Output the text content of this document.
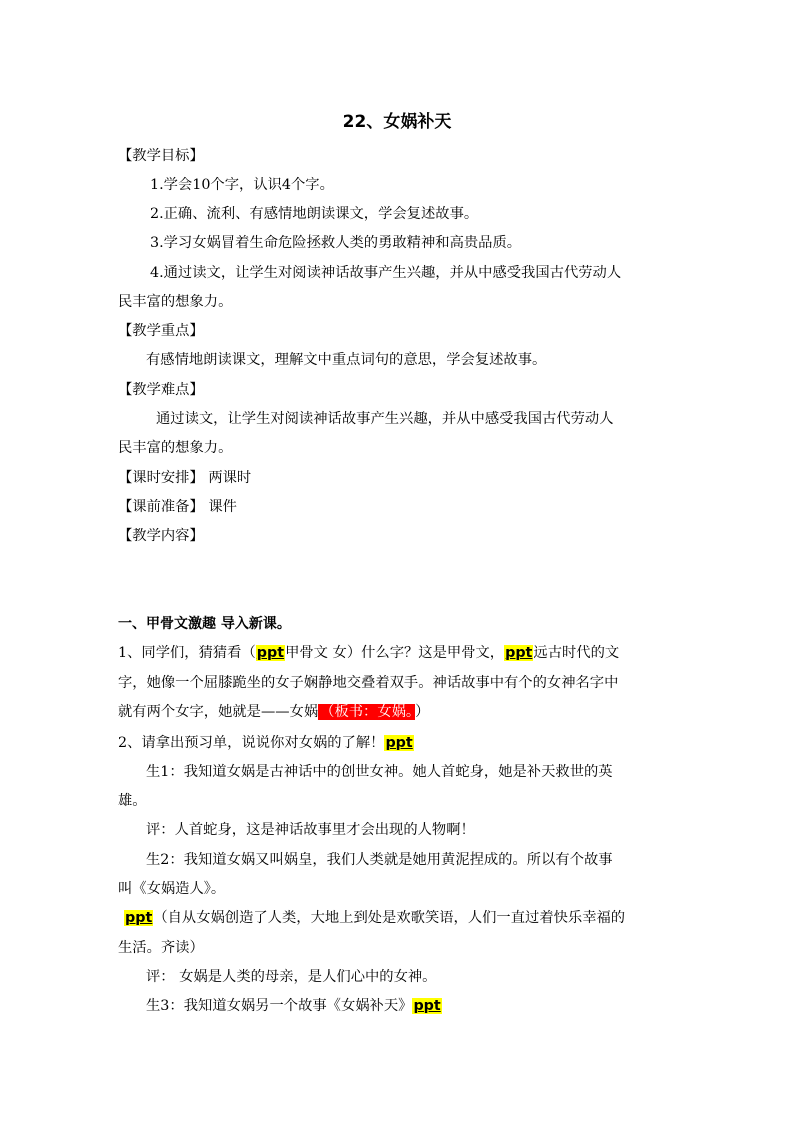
22、女娲补天
【教学目标】
1.学会10个字，认识4个字。
2.正确、流利、有感情地朗读课文，学会复述故事。
3.学习女娲冒着生命危险拯救人类的勇敢精神和高贵品质。
4.通过读文，让学生对阅读神话故事产生兴趣，并从中感受我国古代劳动人
民丰富的想象力。
【教学重点】
有感情地朗读课文，理解文中重点词句的意思，学会复述故事。
【教学难点】
通过读文，让学生对阅读神话故事产生兴趣，并从中感受我国古代劳动人
民丰富的想象力。
【课时安排】 两课时
【课前准备】 课件
【教学内容】
一、甲骨文激趣 导入新课。
1、同学们，猜猜看（ppt甲骨文 女）什么字？这是甲骨文，ppt远古时代的文
字，她像一个屈膝跪坐的女子娴静地交叠着双手。神话故事中有个的女神名字中
就有两个女字，她就是——女娲 （板书：女娲。 ）
2、请拿出预习单，说说你对女娲的了解！ppt
生1：我知道女娲是古神话中的创世女神。她人首蛇身，她是补天救世的英
雄。
评：人首蛇身，这是神话故事里才会出现的人物啊！
生2：我知道女娲又叫娲皇，我们人类就是她用黄泥捏成的。所以有个故事
叫《女娲造人》。
ppt（自从女娲创造了人类，大地上到处是欢歌笑语，人们一直过着快乐幸福的
生活。齐读）
评： 女娲是人类的母亲，是人们心中的女神。
生3：我知道女娲另一个故事《女娲补天》ppt
